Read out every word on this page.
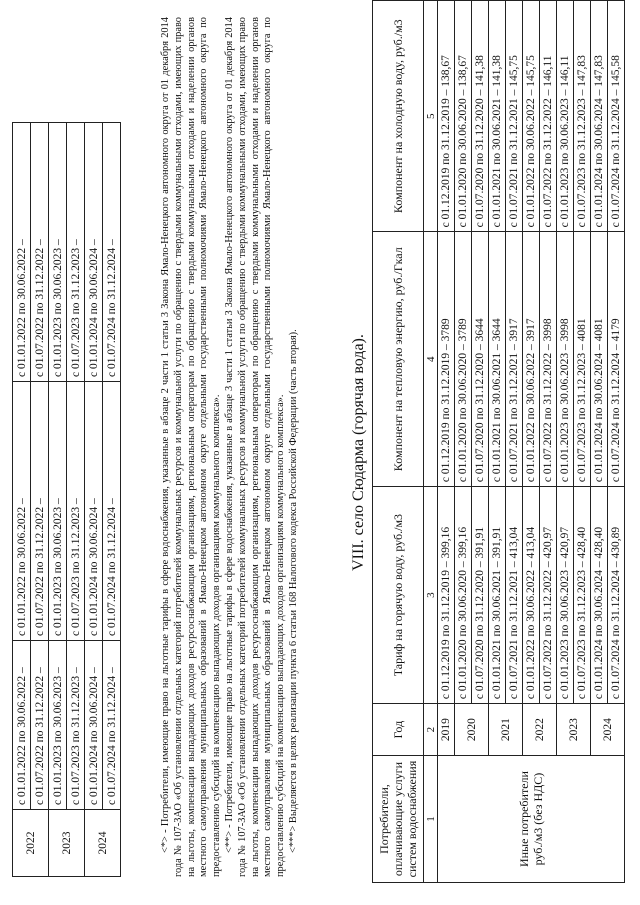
2022	с 01.01.2022 по 30.06.2022 –	с 01.01.2022 по 30.06.2022 –	с 01.01.2022 по 30.06.2022 –
	с 01.07.2022 по 31.12.2022 –	с 01.07.2022 по 31.12.2022 –	с 01.07.2022 по 31.12.2022 –
2023	с 01.01.2023 по 30.06.2023 –	с 01.01.2023 по 30.06.2023 –	с 01.01.2023 по 30.06.2023 –
	с 01.07.2023 по 31.12.2023 –	с 01.07.2023 по 31.12.2023 –	с 01.07.2023 по 31.12.2023 –
2024	с 01.01.2024 по 30.06.2024 –	с 01.01.2024 по 30.06.2024 –	с 01.01.2024 по 30.06.2024 –
	с 01.07.2024 по 31.12.2024 –	с 01.07.2024 по 31.12.2024 –	с 01.07.2024 по 31.12.2024 –	<*> - Потребители, имеющие право на льготные тарифы в сфере водоснабжения, указанные в абзаце 2 части 1 статьи 3 Закона Ямало-Ненецкого автономного округа от 01 декабря 2014 года № 107-ЗАО «Об установлении отдельных категорий потребителей коммунальных ресурсов и коммунальной услуги по обращению с твердыми коммунальными отходами, имеющих право на льготы, компенсации выпадающих доходов ресурсоснабжающим организациям, региональным операторам по обращению с твердыми коммунальными отходами и наделении органов местного самоуправления муниципальных образований в Ямало-Ненецком автономном округе отдельными государственными полномочиями Ямало-Ненецкого автономного округа по предоставлению субсидий на компенсацию выпадающих доходов организациям коммунального комплекса». <**> - Потребители, имеющие право на льготные тарифы в сфере водоснабжения, указанные в абзаце 3 части 1 статьи 3 Закона Ямало-Ненецкого автономного округа от 01 декабря 2014 года № 107-ЗАО «Об установлении отдельных категорий потребителей коммунальных ресурсов и коммунальной услуги по обращению с твердыми коммунальными отходами, имеющих право на льготы, компенсации выпадающих доходов ресурсоснабжающим организациям, региональным операторам по обращению с твердыми коммунальными отходами и наделении органов местного самоуправления муниципальных образований в Ямало-Ненецком автономном округе отдельными государственными полномочиями Ямало-Ненецкого автономного округа по предоставлению субсидий на компенсацию выпадающих доходов организациям коммунального комплекса». <***> Выделяется в целях реализации пункта 6 статьи 168 Налогового кодекса Российской Федерации (часть вторая).	VIII. село Сюдарма (горячая вода).
Потребители, оплачивающие услуги систем водоснабжения	Год	Тариф на горячую воду, руб./м3	Компонент на тепловую энергию, руб./Гкал	Компонент на холодную воду, руб./м3
1	2	3	4	5
Иные потребители руб./м3 (без НДС)	2019	с 01.12.2019 по 31.12.2019 – 399,16	с 01.12.2019 по 31.12.2019 – 3789	с 01.12.2019 по 31.12.2019 – 138,67
	2020	с 01.01.2020 по 30.06.2020 – 399,16	с 01.01.2020 по 30.06.2020 – 3789	с 01.01.2020 по 30.06.2020 – 138,67
		с 01.07.2020 по 31.12.2020 – 391,91	с 01.07.2020 по 31.12.2020 – 3644	с 01.07.2020 по 31.12.2020 – 141,38
	2021	с 01.01.2021 по 30.06.2021 – 391,91	с 01.01.2021 по 30.06.2021 – 3644	с 01.01.2021 по 30.06.2021 – 141,38
		с 01.07.2021 по 31.12.2021 – 413,04	с 01.07.2021 по 31.12.2021 – 3917	с 01.07.2021 по 31.12.2021 – 145,75
	2022	с 01.01.2022 по 30.06.2022 – 413,04	с 01.01.2022 по 30.06.2022 – 3917	с 01.01.2022 по 30.06.2022 – 145,75
		с 01.07.2022 по 31.12.2022 – 420,97	с 01.07.2022 по 31.12.2022 – 3998	с 01.07.2022 по 31.12.2022 – 146,11
	2023	с 01.01.2023 по 30.06.2023 – 420,97	с 01.01.2023 по 30.06.2023 – 3998	с 01.01.2023 по 30.06.2023 – 146,11
		с 01.07.2023 по 31.12.2023 – 428,40	с 01.07.2023 по 31.12.2023 – 4081	с 01.07.2023 по 31.12.2023 – 147,83
	2024	с 01.01.2024 по 30.06.2024 – 428,40	с 01.01.2024 по 30.06.2024 – 4081	с 01.01.2024 по 30.06.2024 – 147,83
		с 01.07.2024 по 31.12.2024 – 430,89	с 01.07.2024 по 31.12.2024 – 4179	с 01.07.2024 по 31.12.2024 – 145,58
